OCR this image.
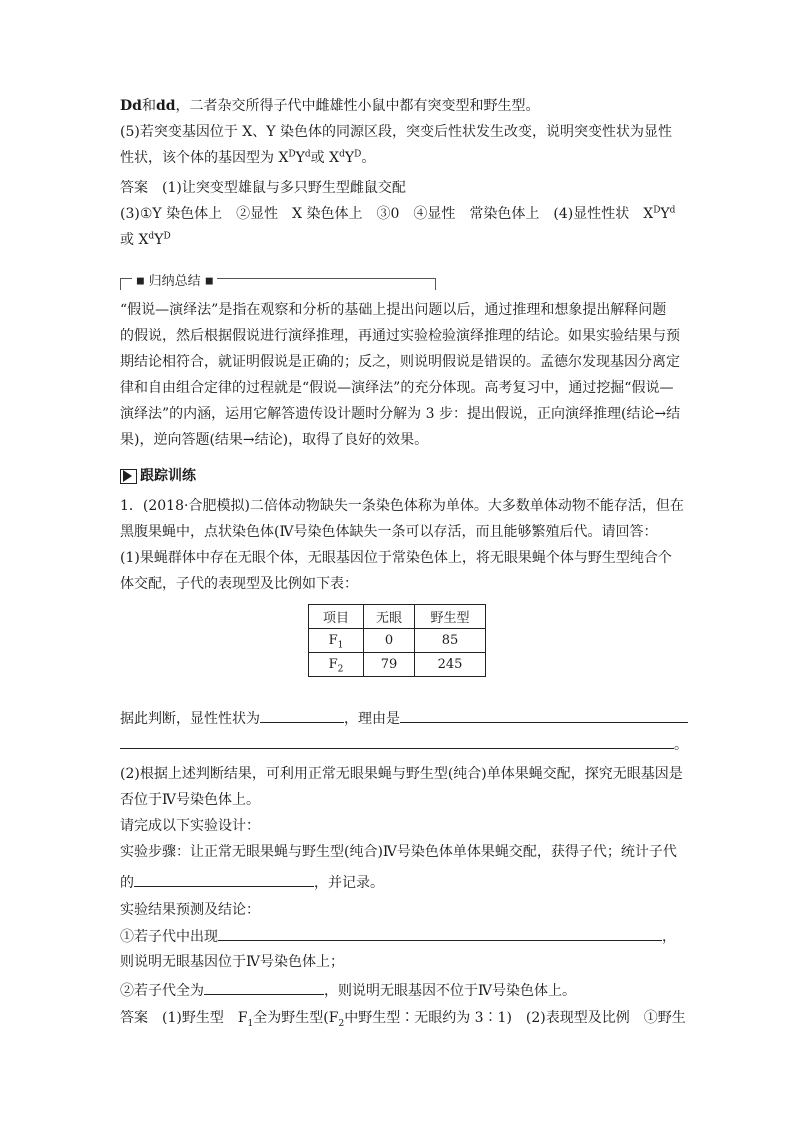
Dd和dd，二者杂交所得子代中雌雄性小鼠中都有突变型和野生型。
(5)若突变基因位于 X、Y 染色体的同源区段，突变后性状发生改变，说明突变性状为显性
性状，该个体的基因型为 $X^DY^d$或 $X^dY^D$。
答案　(1)让突变型雄鼠与多只野生型雌鼠交配
(3)①Y 染色体上　②显性　X 染色体上　③0　④显性　常染色体上　(4)显性性状　$X^DY^d$
或 $X^dY^D$
■ 归纳总结 ■
“假说—演绎法”是指在观察和分析的基础上提出问题以后，通过推理和想象提出解释问题
的假说，然后根据假说进行演绎推理，再通过实验检验演绎推理的结论。如果实验结果与预
期结论相符合，就证明假说是正确的；反之，则说明假说是错误的。孟德尔发现基因分离定
律和自由组合定律的过程就是“假说—演绎法”的充分体现。高考复习中，通过挖掘“假说—
演绎法”的内涵，运用它解答遗传设计题时分解为 3 步：提出假说，正向演绎推理(结论→结
果)，逆向答题(结果→结论)，取得了良好的效果。
跟踪训练
1．(2018·合肥模拟)二倍体动物缺失一条染色体称为单体。大多数单体动物不能存活，但在
黑腹果蝇中，点状染色体(Ⅳ号染色体缺失一条可以存活，而且能够繁殖后代。请回答：
(1)果蝇群体中存在无眼个体，无眼基因位于常染色体上，将无眼果蝇个体与野生型纯合个
体交配，子代的表现型及比例如下表：
项目	无眼	野生型
$F_1$	0	85
$F_2$	79	245
据此判断，显性性状为	，理由是
。
(2)根据上述判断结果，可利用正常无眼果蝇与野生型(纯合)单体果蝇交配，探究无眼基因是
否位于Ⅳ号染色体上。
请完成以下实验设计：
实验步骤：让正常无眼果蝇与野生型(纯合)Ⅳ号染色体单体果蝇交配，获得子代；统计子代
的	，并记录。
实验结果预测及结论：
①若子代中出现	，
则说明无眼基因位于Ⅳ号染色体上；
②若子代全为	，则说明无眼基因不位于Ⅳ号染色体上。
答案　(1)野生型　$F_1$全为野生型($F_2$中野生型∶无眼约为 3∶1)　(2)表现型及比例　①野生
